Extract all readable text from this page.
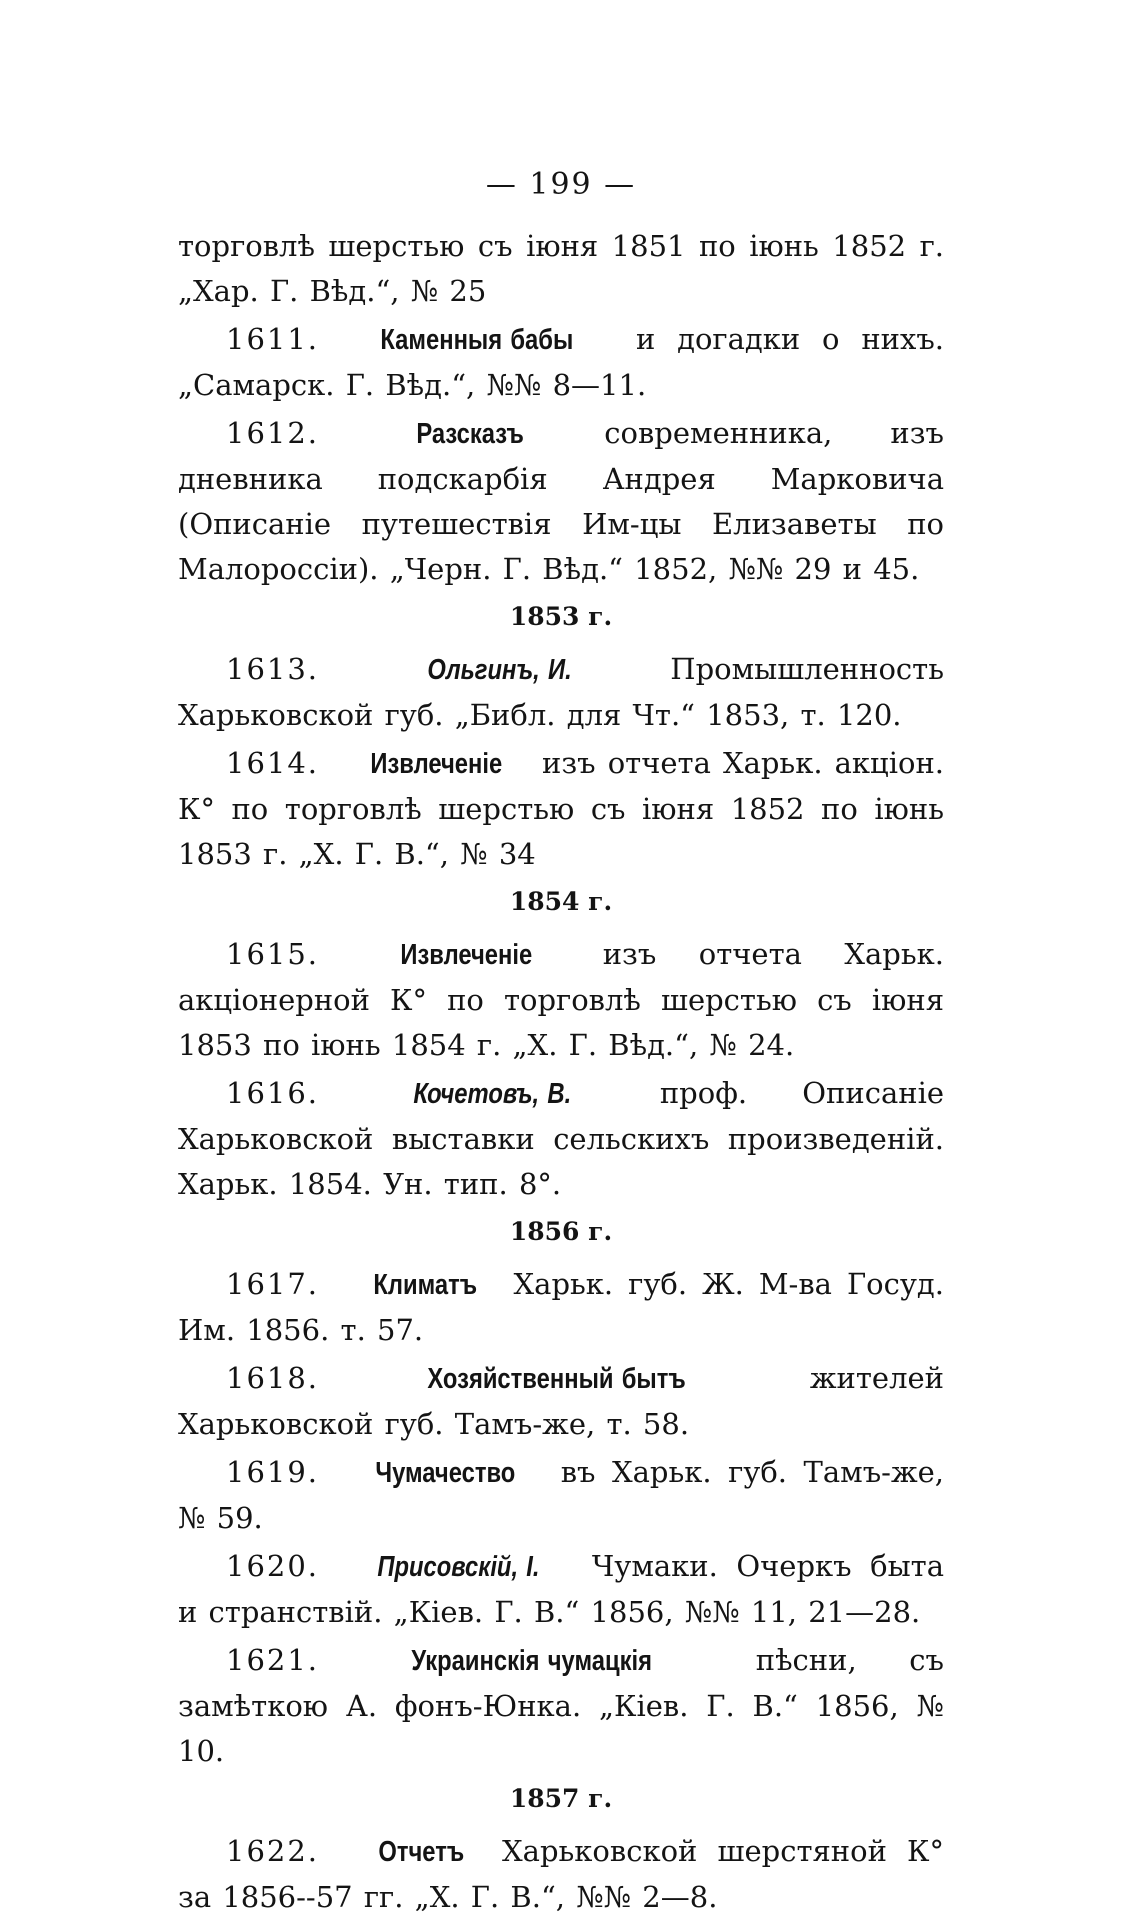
— 199 —

торговлѣ шерстью съ іюня 1851 по іюнь 1852 г. „Хар. Г. Вѣд.“, № 25

1611. Каменныя бабы и догадки о нихъ. „Самарск. Г. Вѣд.“, №№ 8—11.

1612.	Разсказъ современника, изъ дневника подскарбія Андрея Марковича (Описаніе путешествія Им-цы Елизаветы по Малороссіи). „Черн. Г. Вѣд.“ 1852, №№ 29 и 45.

1853 г.

1613.	Ольгинъ, И. Промышленность Харьковской губ. „Библ. для Чт.“ 1853, т. 120.

1614. Извлеченіе изъ отчета Харьк. акціон. К° по торговлѣ шерстью съ іюня 1852 по іюнь 1853 г. „Х. Г. В.“, № 34

1854 г.

1615.	Извлеченіе изъ отчета Харьк. акціонерной К° по торговлѣ шерстью съ іюня 1853 по іюнь 1854 г. „Х. Г. Вѣд.“, № 24.

1616.	Кочетовъ, В. проф. Описаніе Харьковской выставки сельскихъ произведеній. Харьк. 1854. Ун. тип. 8°.

1856 г.

1617. Климатъ Харьк. губ. Ж. М-ва Госуд. Им. 1856. т. 57.

1618.	Хозяйственный бытъ жителей Харьковской губ. Тамъ-же, т. 58.

1619. Чумачество въ Харьк. губ. Тамъ-же, № 59.

1620. Присовскій, І. Чумаки. Очеркъ быта и странствій. „Кіев. Г. В.“ 1856, №№ 11, 21—28.

1621.	Украинскія чумацкія пѣсни, съ замѣткою А. фонъ-Юнка. „Кіев. Г. В.“ 1856, № 10.

1857 г.

1622. Отчетъ Харьковской шерстяной К° за 1856--57 гг. „Х. Г. В.“, №№ 2—8.
